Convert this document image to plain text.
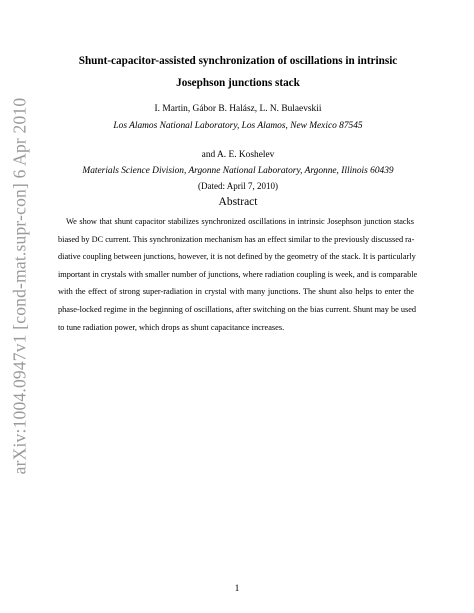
arXiv:1004.0947v1 [cond-mat.supr-con] 6 Apr 2010

Shunt-capacitor-assisted synchronization of oscillations in intrinsic

Josephson junctions stack

I. Martin, Gábor B. Halász, L. N. Bulaevskii

Los Alamos National Laboratory, Los Alamos, New Mexico 87545

and A. E. Koshelev

Materials Science Division, Argonne National Laboratory, Argonne, Illinois 60439

(Dated: April 7, 2010)

Abstract

We show that shunt capacitor stabilizes synchronized oscillations in intrinsic Josephson junction stacks
biased by DC current. This synchronization mechanism has an effect similar to the previously discussed ra-
diative coupling between junctions, however, it is not defined by the geometry of the stack. It is particularly
important in crystals with smaller number of junctions, where radiation coupling is week, and is comparable
with the effect of strong super-radiation in crystal with many junctions. The shunt also helps to enter the
phase-locked regime in the beginning of oscillations, after switching on the bias current. Shunt may be used
to tune radiation power, which drops as shunt capacitance increases.

1
